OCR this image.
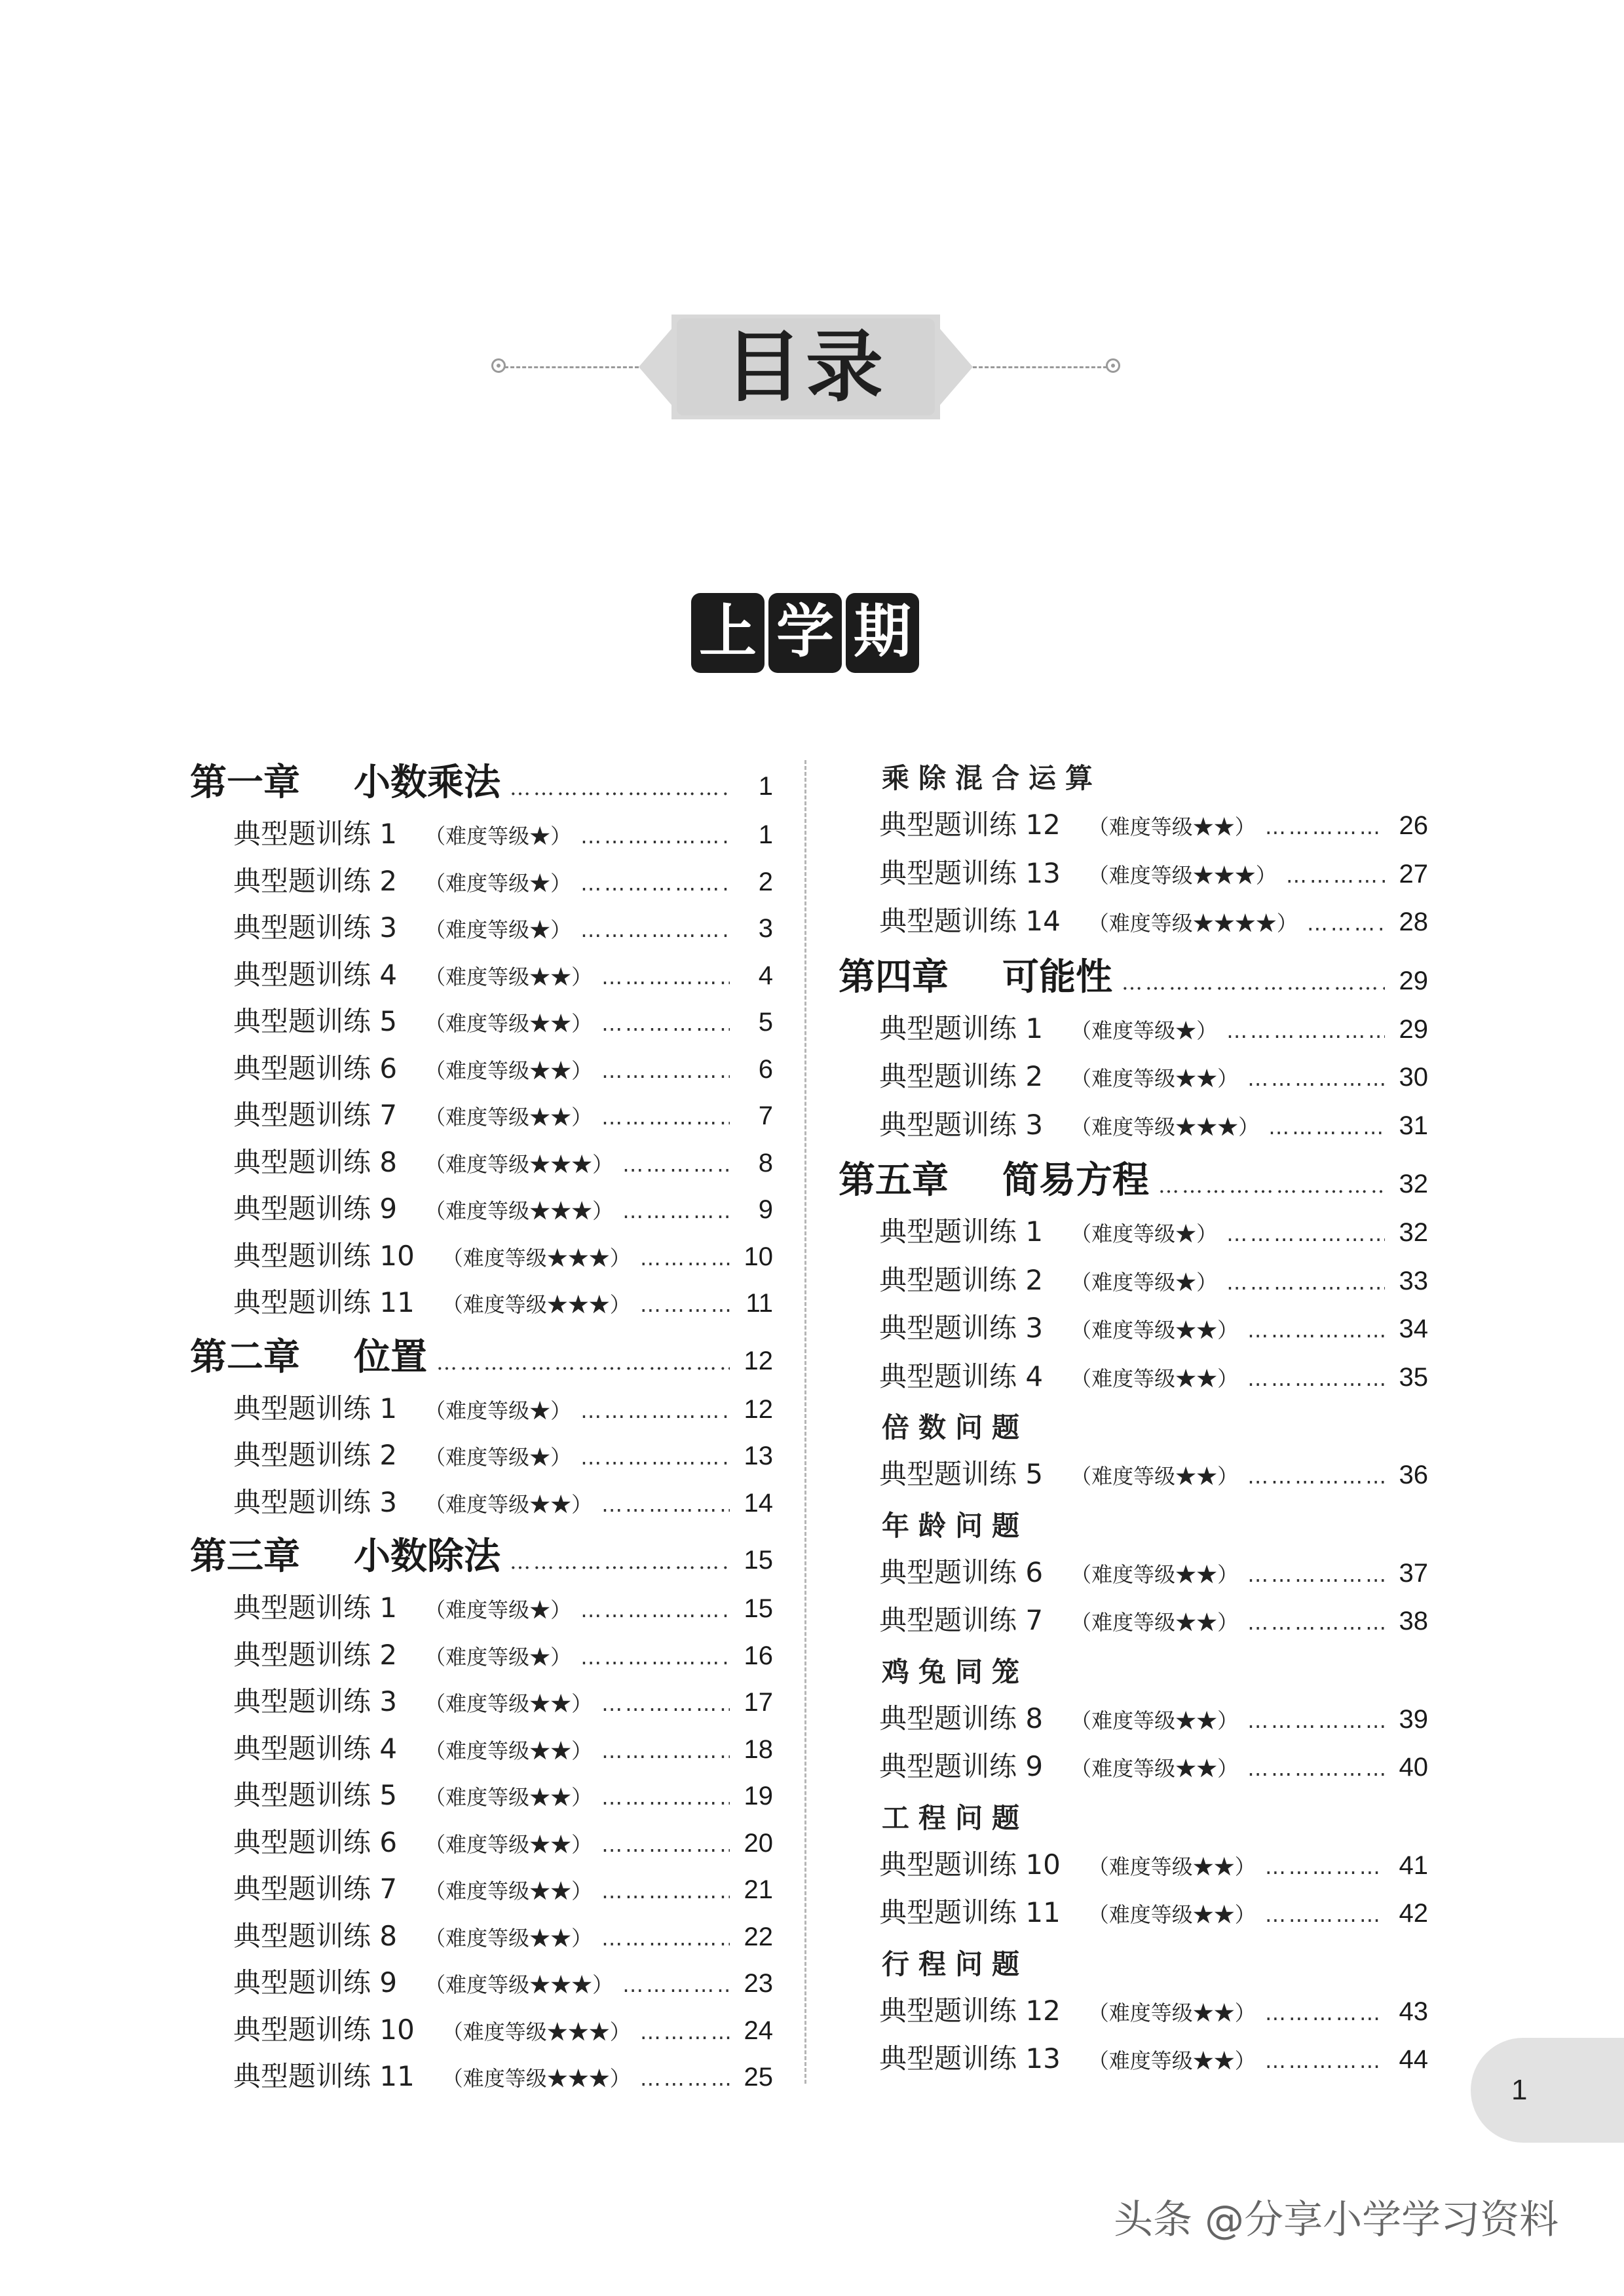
目录
上 学 期
第一章	小数乘法 ……………………………………………………………………………………………………	1
典型题训练 1 （难度等级★） ……………………………………………………………………………………………………	1
典型题训练 2 （难度等级★） ……………………………………………………………………………………………………	2
典型题训练 3 （难度等级★） ……………………………………………………………………………………………………	3
典型题训练 4 （难度等级★★） ……………………………………………………………………………………………………	4
典型题训练 5 （难度等级★★） ……………………………………………………………………………………………………	5
典型题训练 6 （难度等级★★） ……………………………………………………………………………………………………	6
典型题训练 7 （难度等级★★） ……………………………………………………………………………………………………	7
典型题训练 8 （难度等级★★★） ……………………………………………………………………………………………………	8
典型题训练 9 （难度等级★★★） ……………………………………………………………………………………………………	9
典型题训练 10 （难度等级★★★） ……………………………………………………………………………………………………	10
典型题训练 11 （难度等级★★★） ……………………………………………………………………………………………………	11
第二章	位置 ……………………………………………………………………………………………………	12
典型题训练 1 （难度等级★） ……………………………………………………………………………………………………	12
典型题训练 2 （难度等级★） ……………………………………………………………………………………………………	13
典型题训练 3 （难度等级★★） ……………………………………………………………………………………………………	14
第三章	小数除法 ……………………………………………………………………………………………………	15
典型题训练 1 （难度等级★） ……………………………………………………………………………………………………	15
典型题训练 2 （难度等级★） ……………………………………………………………………………………………………	16
典型题训练 3 （难度等级★★） ……………………………………………………………………………………………………	17
典型题训练 4 （难度等级★★） ……………………………………………………………………………………………………	18
典型题训练 5 （难度等级★★） ……………………………………………………………………………………………………	19
典型题训练 6 （难度等级★★） ……………………………………………………………………………………………………	20
典型题训练 7 （难度等级★★） ……………………………………………………………………………………………………	21
典型题训练 8 （难度等级★★） ……………………………………………………………………………………………………	22
典型题训练 9 （难度等级★★★） ……………………………………………………………………………………………………	23
典型题训练 10 （难度等级★★★） ……………………………………………………………………………………………………	24
典型题训练 11 （难度等级★★★） ……………………………………………………………………………………………………	25
乘除混合运算
典型题训练 12 （难度等级★★） ……………………………………………………………………………………………………	26
典型题训练 13 （难度等级★★★） ……………………………………………………………………………………………………	27
典型题训练 14 （难度等级★★★★） ……………………………………………………………………………………………………	28
第四章	可能性 ……………………………………………………………………………………………………	29
典型题训练 1 （难度等级★） ……………………………………………………………………………………………………	29
典型题训练 2 （难度等级★★） ……………………………………………………………………………………………………	30
典型题训练 3 （难度等级★★★） ……………………………………………………………………………………………………	31
第五章	简易方程 ……………………………………………………………………………………………………	32
典型题训练 1 （难度等级★） ……………………………………………………………………………………………………	32
典型题训练 2 （难度等级★） ……………………………………………………………………………………………………	33
典型题训练 3 （难度等级★★） ……………………………………………………………………………………………………	34
典型题训练 4 （难度等级★★） ……………………………………………………………………………………………………	35
倍数问题
典型题训练 5 （难度等级★★） ……………………………………………………………………………………………………	36
年龄问题
典型题训练 6 （难度等级★★） ……………………………………………………………………………………………………	37
典型题训练 7 （难度等级★★） ……………………………………………………………………………………………………	38
鸡兔同笼
典型题训练 8 （难度等级★★） ……………………………………………………………………………………………………	39
典型题训练 9 （难度等级★★） ……………………………………………………………………………………………………	40
工程问题
典型题训练 10 （难度等级★★） ……………………………………………………………………………………………………	41
典型题训练 11 （难度等级★★） ……………………………………………………………………………………………………	42
行程问题
典型题训练 12 （难度等级★★） ……………………………………………………………………………………………………	43
典型题训练 13 （难度等级★★） ……………………………………………………………………………………………………	44
1
头条 @分享小学学习资料
